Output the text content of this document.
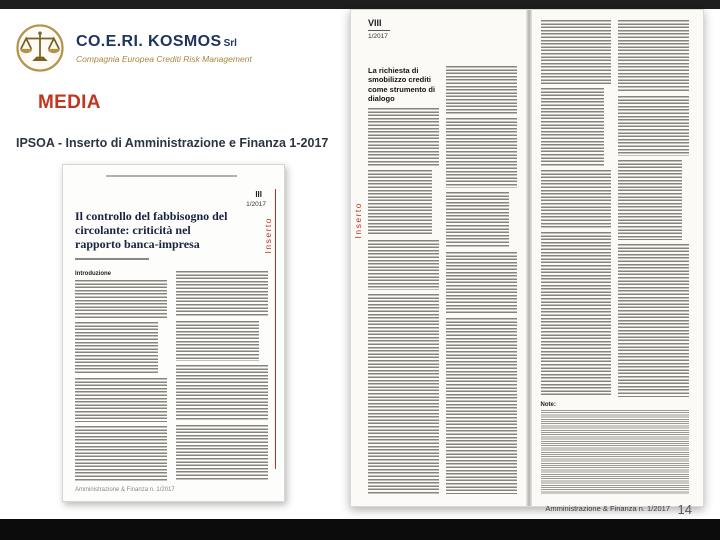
CO.E.RI. KOSMOS Srl
Compagnia Europea Crediti Risk Management
MEDIA
IPSOA - Inserto di Amministrazione e Finanza 1-2017
III
1/2017
Inserto
Il controllo del fabbisogno del circolante: criticità nel rapporto banca-impresa
Introduzione
Amministrazione & Finanza n. 1/2017
VIII
1/2017
Inserto
La richiesta di smobilizzo crediti come strumento di dialogo
Note:
Amministrazione & Finanza n. 1/2017 14
